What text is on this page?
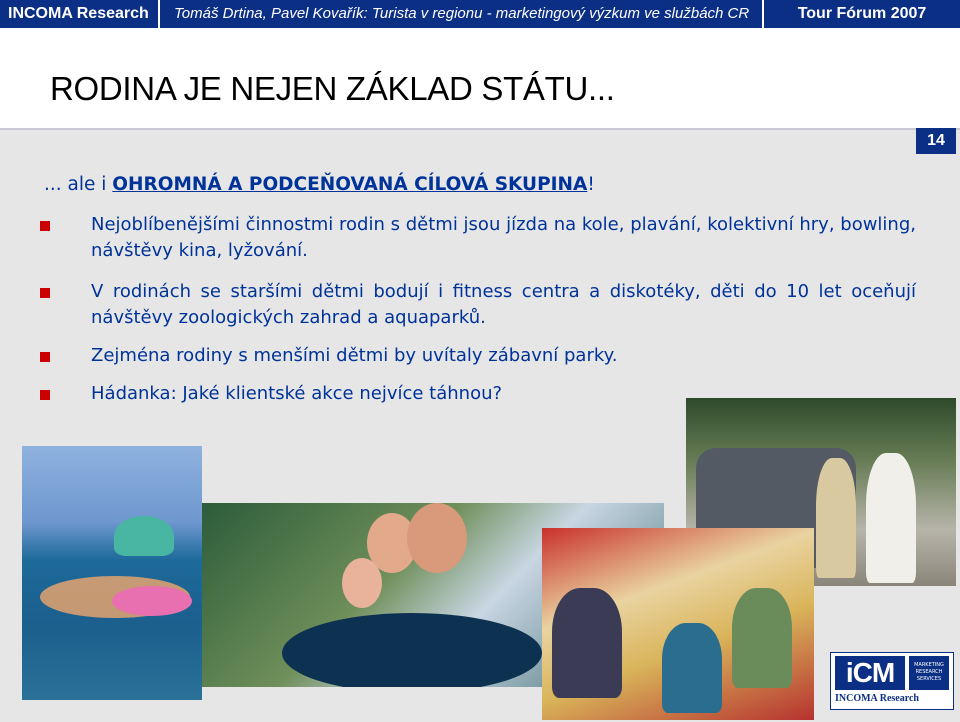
INCOMA Research	Tomáš Drtina, Pavel Kovařík: Turista v regionu - marketingový výzkum ve službách CR	Tour Fórum 2007
RODINA JE NEJEN ZÁKLAD STÁTU...
14
... ale i OHROMNÁ A PODCEŇOVANÁ CÍLOVÁ SKUPINA!
Nejoblíbenějšími činnostmi rodin s dětmi jsou jízda na kole, plavání, kolektivní hry, bowling, návštěvy kina, lyžování.
V rodinách se staršími dětmi bodují i fitness centra a diskotéky, děti do 10 let oceňují návštěvy zoologických zahrad a aquaparků.
Zejména rodiny s menšími dětmi by uvítaly zábavní parky.
Hádanka: Jaké klientské akce nejvíce táhnou?
iCM	MARKETING RESEARCH SERVICES
INCOMA Research
